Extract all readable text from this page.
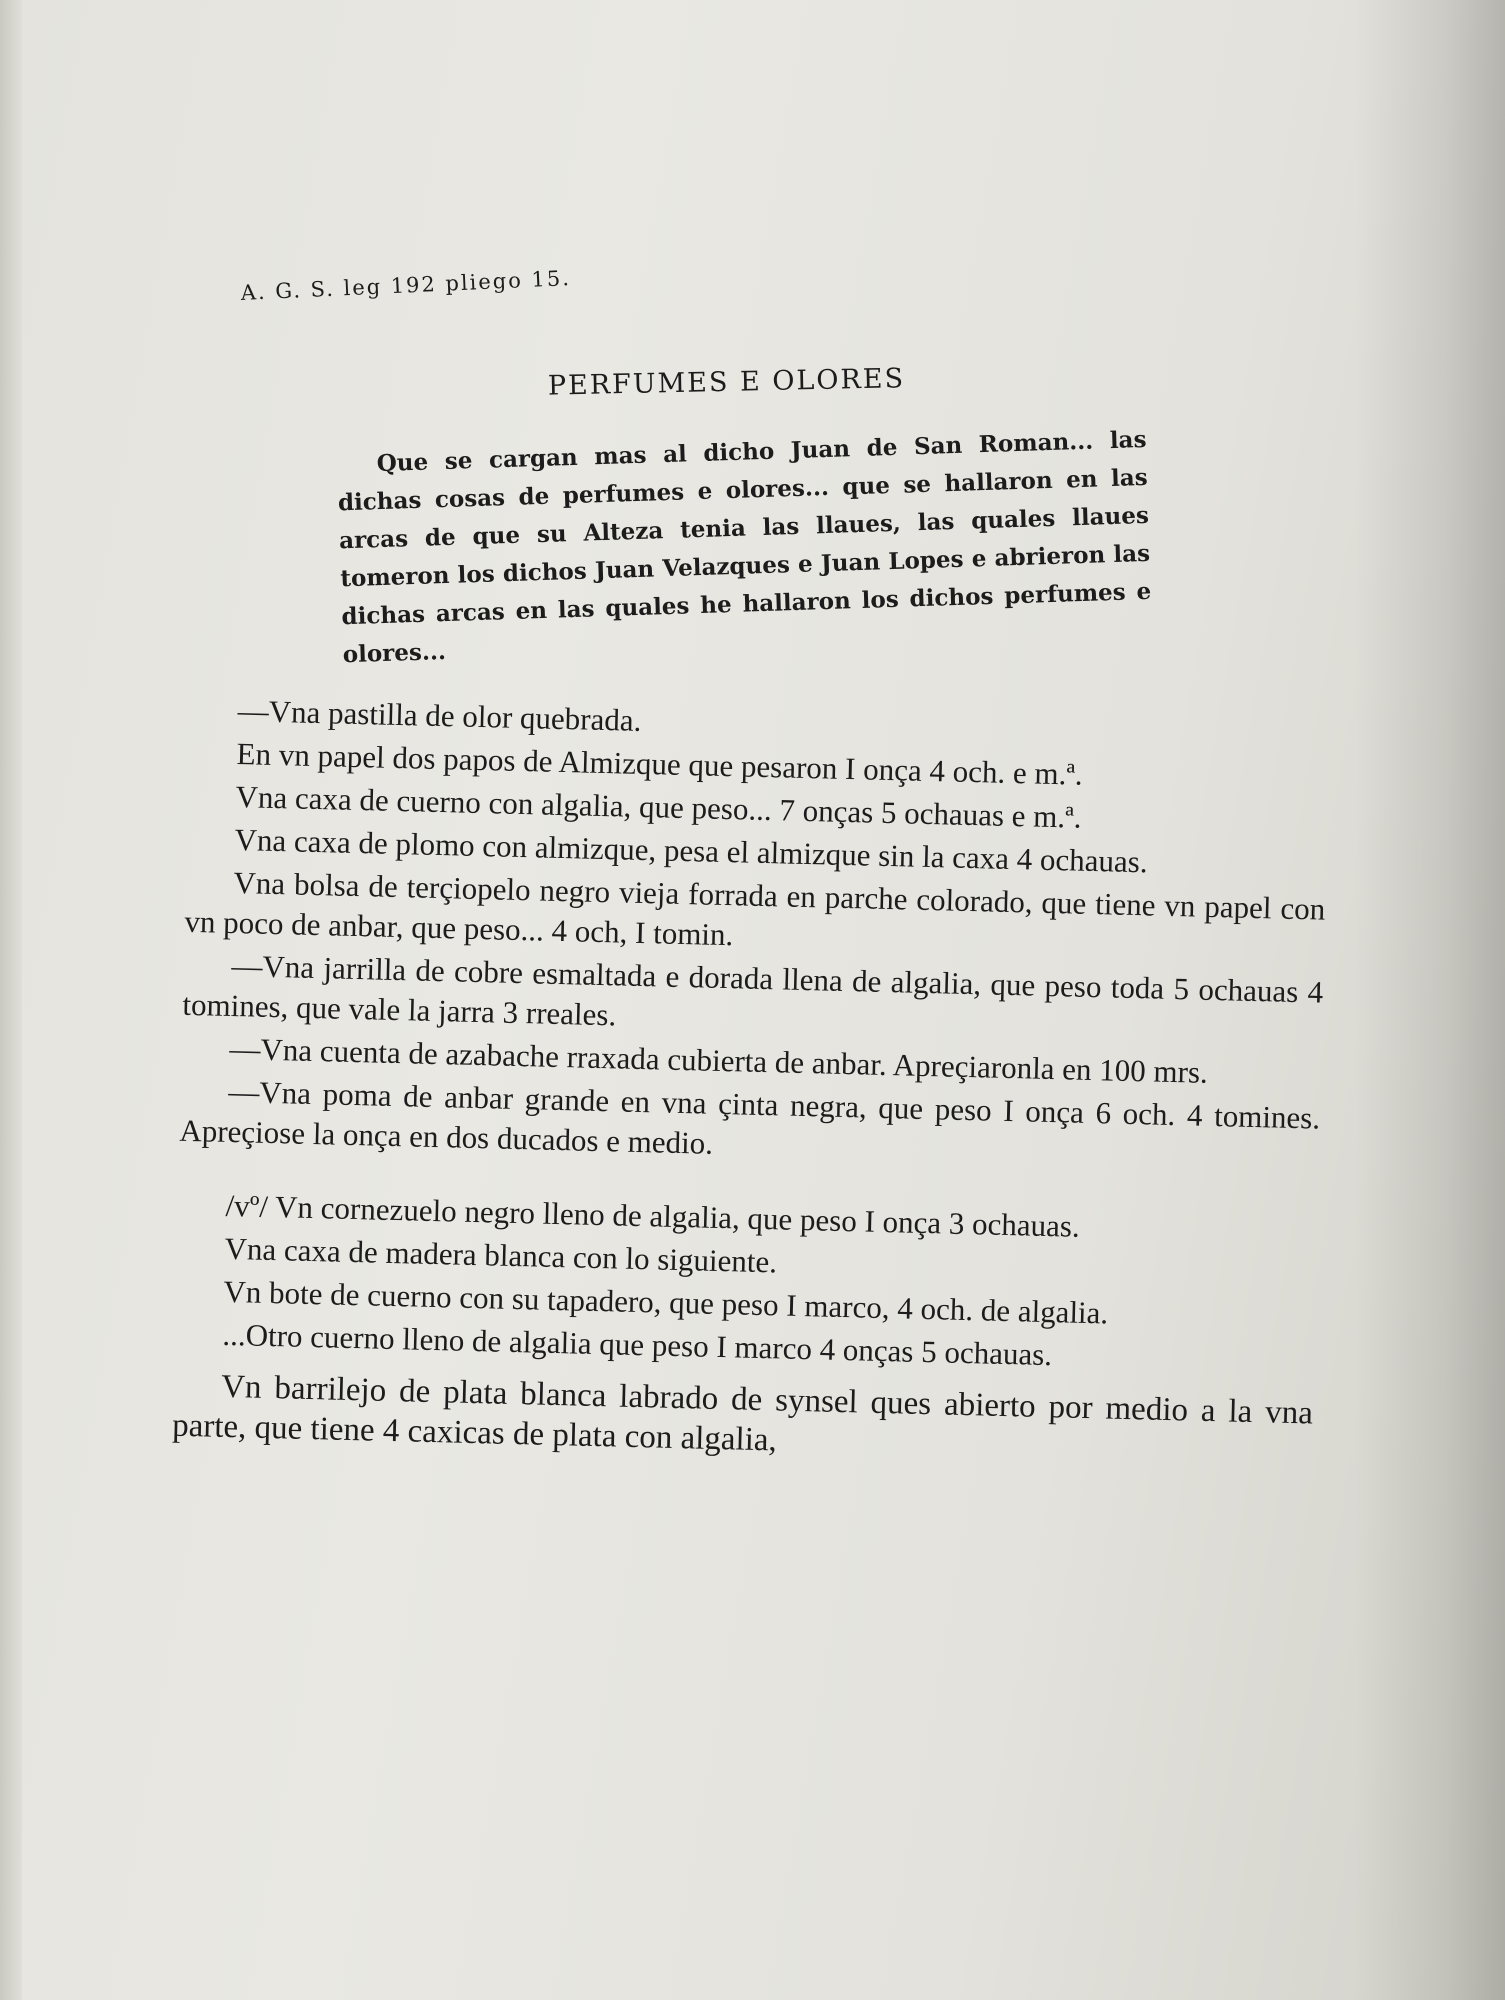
A. G. S. leg 192 pliego 15.
PERFUMES E OLORES

Que se cargan mas al dicho Juan de San Roman... las dichas cosas de perfumes e olores... que se hallaron en las arcas de que su Alteza tenia las llaues, las quales llaues tomeron los dichos Juan Velazques e Juan Lopes e abrieron las dichas arcas en las quales he hallaron los dichos perfumes e olores...

—Vna pastilla de olor quebrada.

En vn papel dos papos de Almizque que pesaron I onça 4 och. e m.ª.

Vna caxa de cuerno con algalia, que peso... 7 onças 5 ochauas e m.ª.

Vna caxa de plomo con almizque, pesa el almizque sin la caxa 4 ochauas.

Vna bolsa de terçiopelo negro vieja forrada en parche colorado, que tiene vn papel con vn poco de anbar, que peso... 4 och, I tomin.

—Vna jarrilla de cobre esmaltada e dorada llena de algalia, que peso toda 5 ochauas 4 tomines, que vale la jarra 3 rreales.

—Vna cuenta de azabache rraxada cubierta de anbar. Apreçiaronla en 100 mrs.

—Vna poma de anbar grande en vna çinta negra, que peso I onça 6 och. 4 tomines. Apreçiose la onça en dos ducados e medio.

/vº/ Vn cornezuelo negro lleno de algalia, que peso I onça 3 ochauas.

Vna caxa de madera blanca con lo siguiente.

Vn bote de cuerno con su tapadero, que peso I marco, 4 och. de algalia.

...Otro cuerno lleno de algalia que peso I marco 4 onças 5 ochauas.

Vn barrilejo de plata blanca labrado de synsel ques abierto por medio a la vna parte, que tiene 4 caxicas de plata con algalia,
